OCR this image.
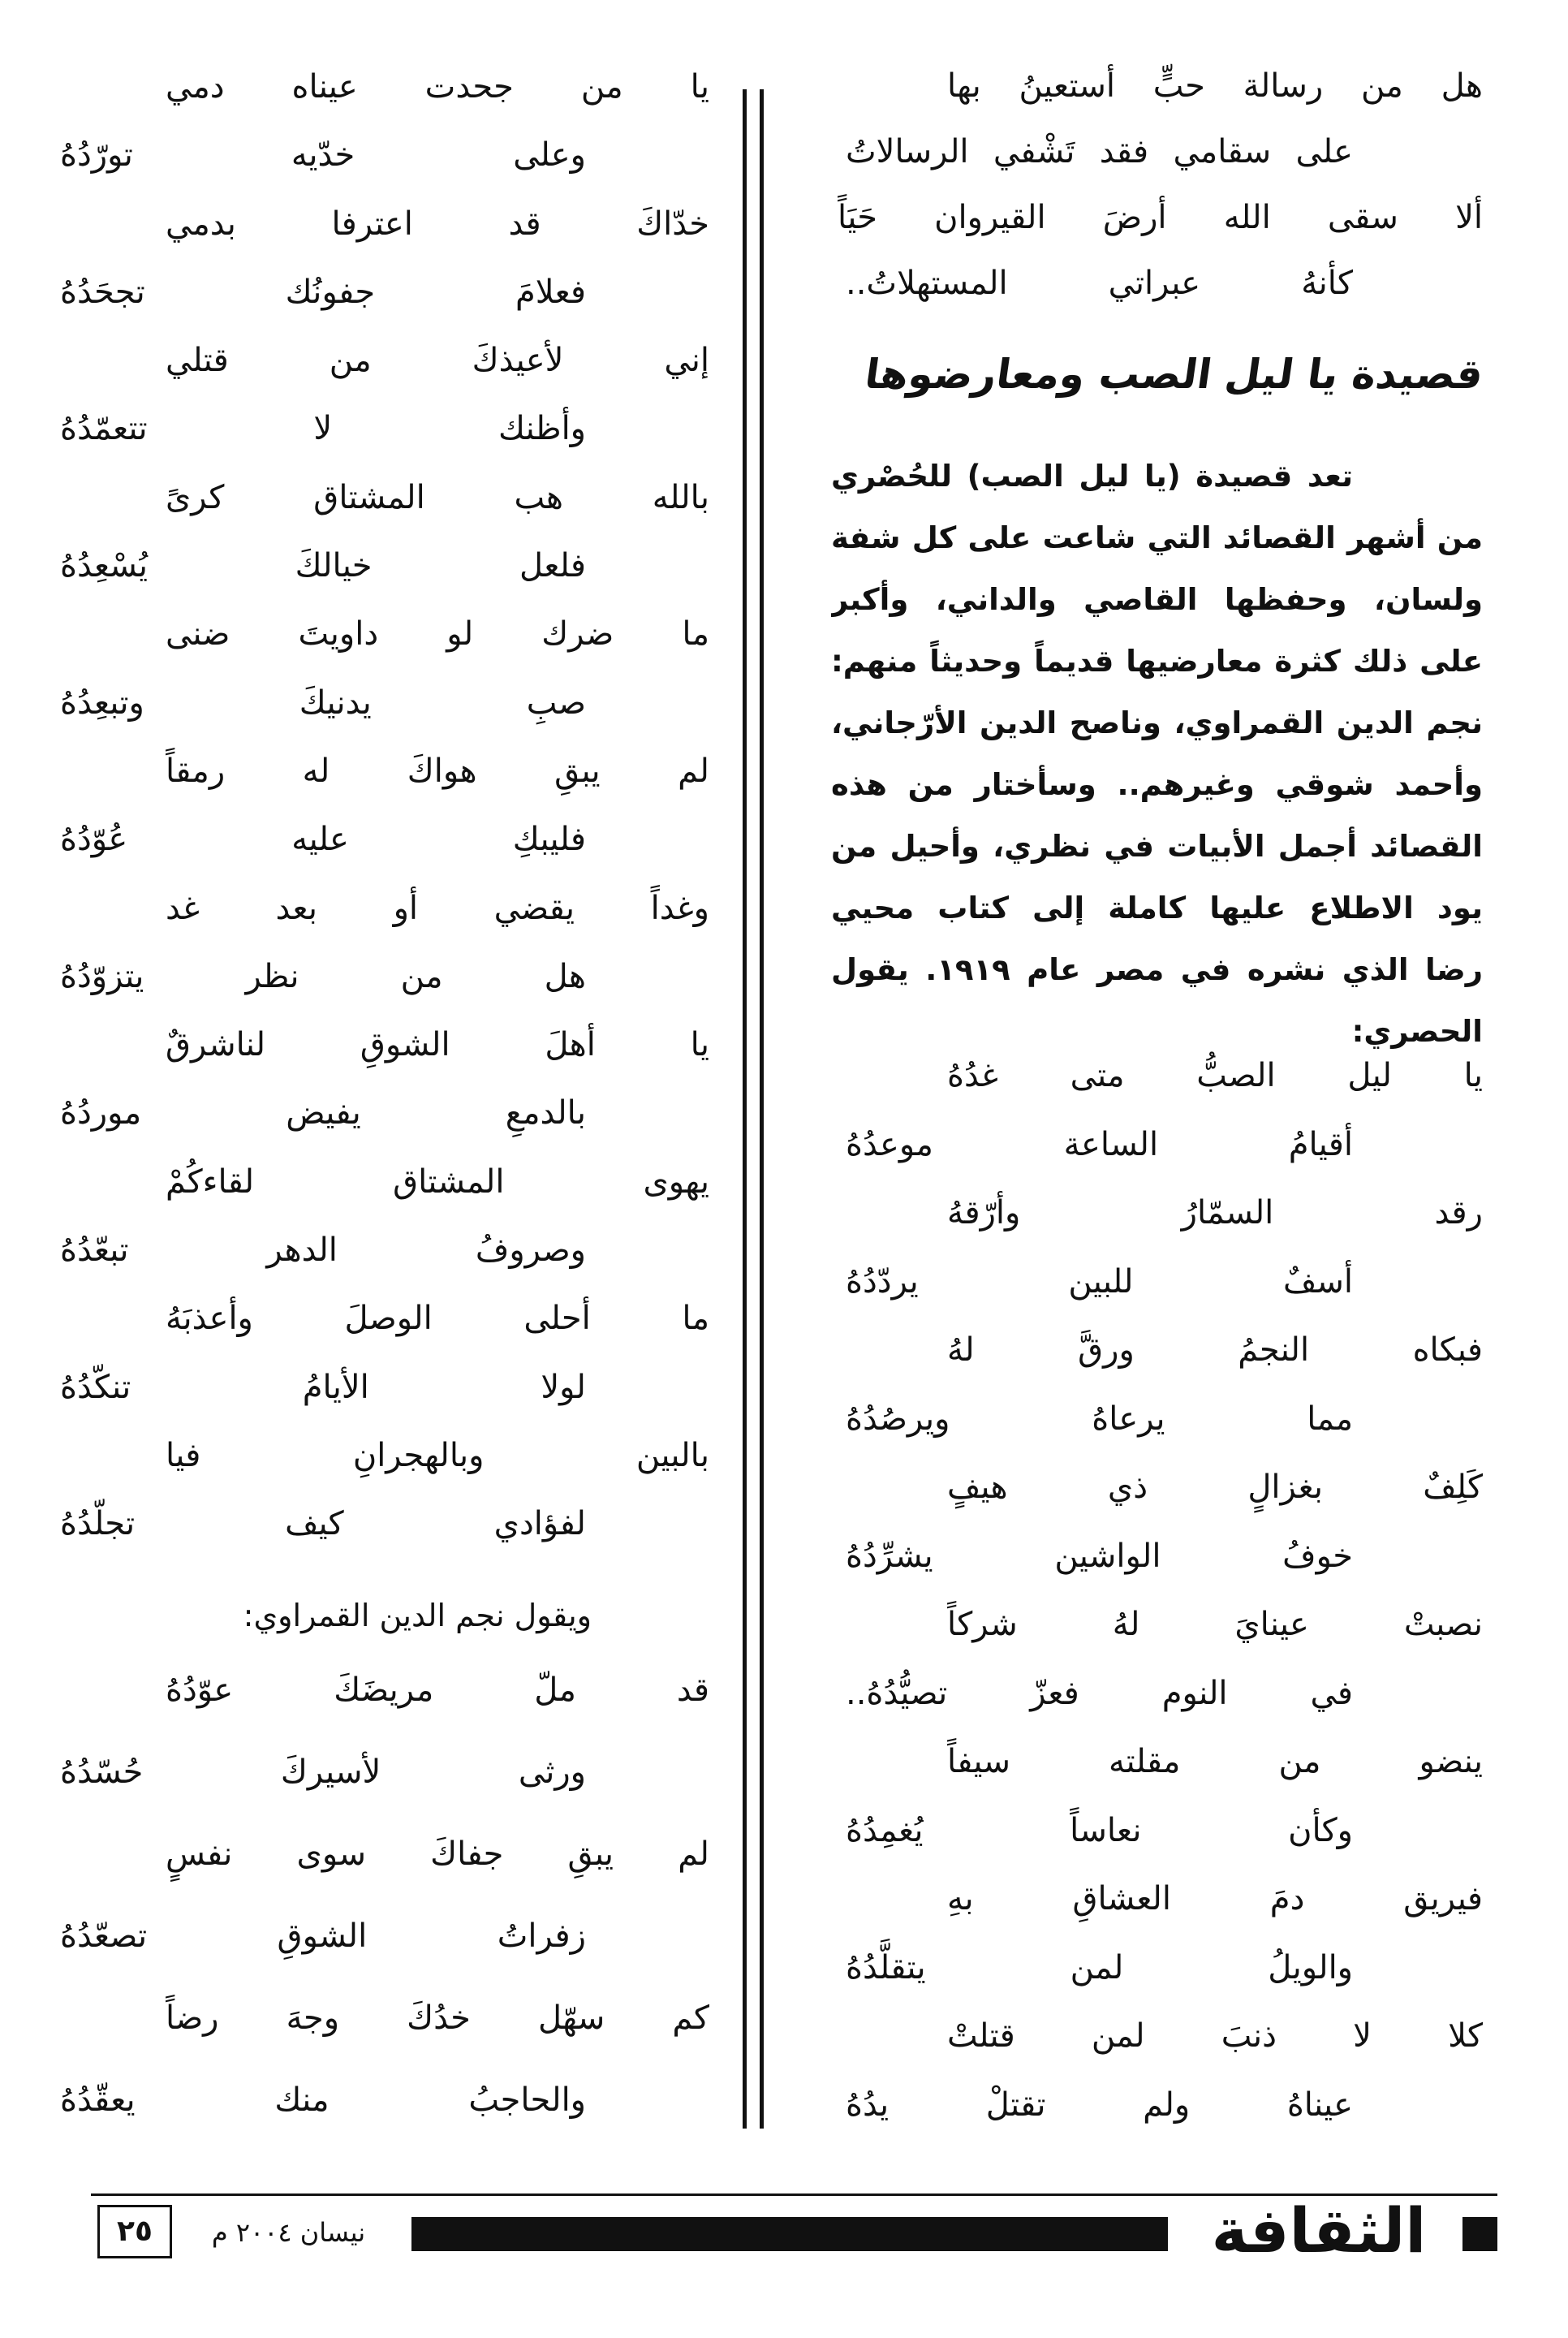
هل من رسالة حبٍّ أستعينُ بها
على سقامي فقد تَشْفي الرسالاتُ
ألا سقى الله أرضَ القيروان حَيَاً
كأنهُ عبراتي المستهلاتُ..
قصيدة يا ليل الصب ومعارضوها
تعد قصيدة (يا ليل الصب) للحُصْري
من أشهر القصائد التي شاعت على كل شفة
ولسان، وحفظها القاصي والداني، وأكبر
على ذلك كثرة معارضيها قديماً وحديثاً منهم:
نجم الدين القمراوي، وناصح الدين الأرّجاني،
وأحمد شوقي وغيرهم.. وسأختار من هذه
القصائد أجمل الأبيات في نظري، وأحيل من
يود الاطلاع عليها كاملة إلى كتاب محيي
رضا الذي نشره في مصر عام ١٩١٩. يقول
الحصري:
يا ليل الصبُّ متى غدُهُ
أقيامُ الساعة موعدُهُ
رقد السمّارُ وأرّقهُ
أسفٌ للبين يردّدُهُ
فبكاه النجمُ ورقَّ لهُ
مما يرعاهُ ويرصُدُهُ
كَلِفٌ بغزالٍ ذي هيفٍ
خوفُ الواشين يشرِّدُهُ
نصبتْ عينايَ لهُ شركاً
في النوم فعزّ تصيُّدُهُ..
ينضو من مقلته سيفاً
وكأن نعاساً يُغمِدُهُ
فيريق دمَ العشاقِ بهِ
والويلُ لمن يتقلَّدُهُ
كلا لا ذنبَ لمن قتلتْ
عيناهُ ولم تقتلْ يدُهُ
يا من جحدت عيناه دمي
وعلى خدّيه تورّدُهُ
خدّاكَ قد اعترفا بدمي
فعلامَ جفونُك تجحَدُهُ
إني لأعيذكَ من قتلي
وأظنك لا تتعمّدُهُ
بالله هب المشتاق كرىً
فلعل خيالكَ يُسْعِدُهُ
ما ضرك لو داويتَ ضنى
صبِ يدنيكَ وتبعِدُهُ
لم يبقِ هواكَ له رمقاً
فليبكِ عليه عُوّدُهُ
وغداً يقضي أو بعد غد
هل من نظر يتزوّدُهُ
يا أهلَ الشوقِ لناشرقٌ
بالدمعِ يفيض موردُهُ
يهوى المشتاق لقاءكُمْ
وصروفُ الدهر تبعّدُهُ
ما أحلى الوصلَ وأعذبَهُ
لولا الأيامُ تنكّدُهُ
بالبين وبالهجرانِ فيا
لفؤادي كيف تجلّدُهُ
ويقول نجم الدين القمراوي:
قد ملّ مريضَكَ عوّدُهُ
ورثى لأسيركَ حُسّدُهُ
لم يبقِ جفاكَ سوى نفسٍ
زفراتُ الشوقِ تصعّدُهُ
كم سهّل خدُكَ وجهَ رضاً
والحاجبُ منك يعقّدُهُ
٢٥	نيسان ٢٠٠٤ م	الثقافة
